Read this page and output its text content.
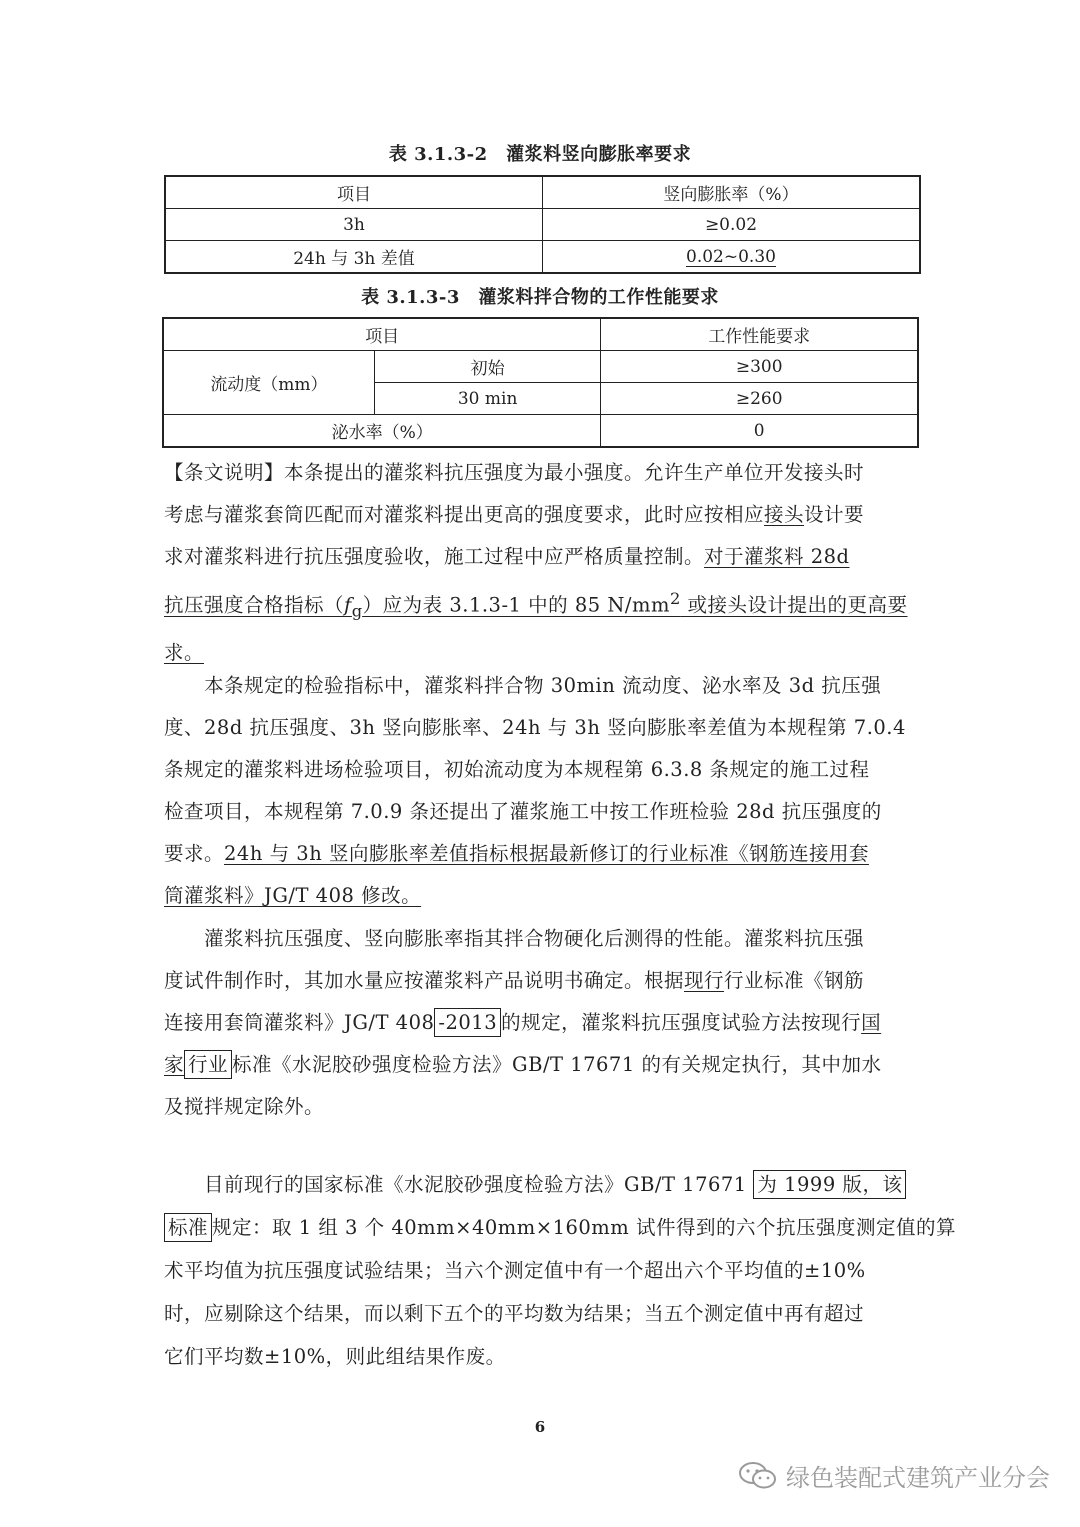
表 3.1.3-2　灌浆料竖向膨胀率要求
项目	竖向膨胀率（%）
3h	≥0.02
24h 与 3h 差值	0.02~0.30
表 3.1.3-3　灌浆料拌合物的工作性能要求
项目		工作性能要求
流动度（mm）	初始	≥300
	30 min	≥260
泌水率（%）		0
【条文说明】本条提出的灌浆料抗压强度为最小强度。允许生产单位开发接头时
考虑与灌浆套筒匹配而对灌浆料提出更高的强度要求，此时应按相应接头设计要
求对灌浆料进行抗压强度验收，施工过程中应严格质量控制。对于灌浆料 28d
抗压强度合格指标$(f_g)$应为表 3.1.3-1 中的 85 $N/mm^2$ 或接头设计提出的更高要
求。
本条规定的检验指标中，灌浆料拌合物 30min 流动度、泌水率及 3d 抗压强
度、28d 抗压强度、3h 竖向膨胀率、24h 与 3h 竖向膨胀率差值为本规程第 7.0.4
条规定的灌浆料进场检验项目，初始流动度为本规程第 6.3.8 条规定的施工过程
检查项目，本规程第 7.0.9 条还提出了灌浆施工中按工作班检验 28d 抗压强度的
要求。24h 与 3h 竖向膨胀率差值指标根据最新修订的行业标准《钢筋连接用套
筒灌浆料》JG/T 408 修改。
灌浆料抗压强度、竖向膨胀率指其拌合物硬化后测得的性能。灌浆料抗压强
度试件制作时，其加水量应按灌浆料产品说明书确定。根据现行行业标准《钢筋
连接用套筒灌浆料》JG/T 408 -2013 的规定，灌浆料抗压强度试验方法按现行国
家 行业 标准《水泥胶砂强度检验方法》GB/T 17671 的有关规定执行，其中加水
及搅拌规定除外。
目前现行的国家标准《水泥胶砂强度检验方法》GB/T 17671 为 1999 版，该
标准 规定：取 1 组 3 个 40mm×40mm×160mm 试件得到的六个抗压强度测定值的算
术平均值为抗压强度试验结果；当六个测定值中有一个超出六个平均值的±10%
时，应剔除这个结果，而以剩下五个的平均数为结果；当五个测定值中再有超过
它们平均数±10%，则此组结果作废。
6
绿色装配式建筑产业分会
